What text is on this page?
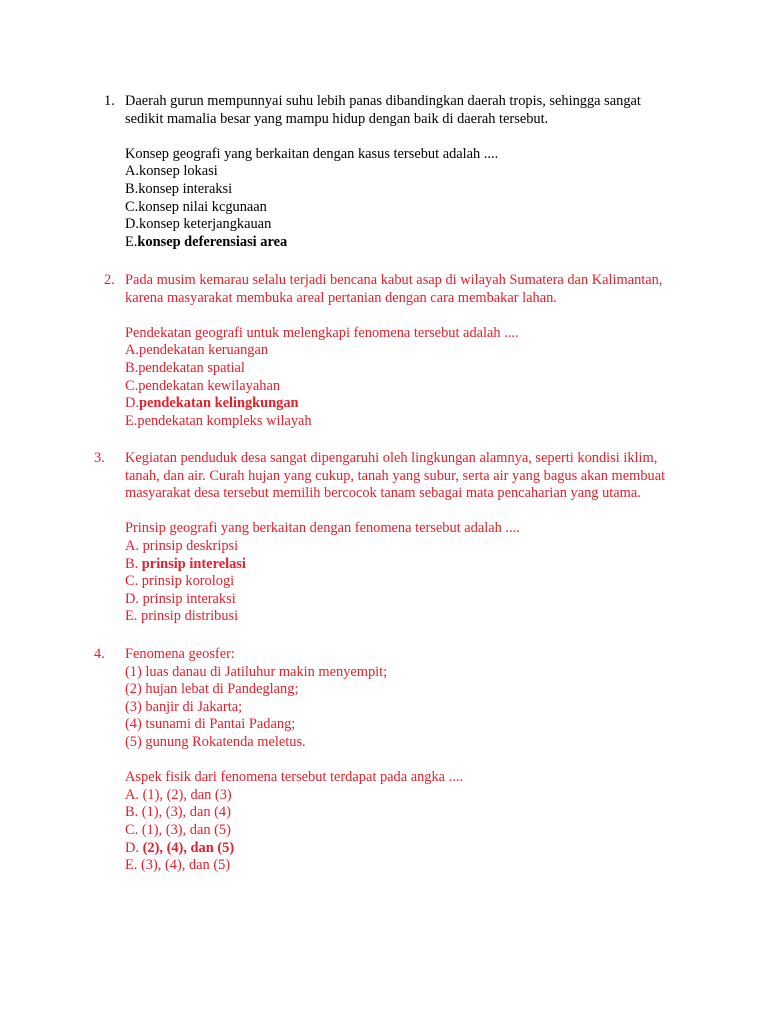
1. Daerah gurun mempunnyai suhu lebih panas dibandingkan daerah tropis, sehingga sangat
sedikit mamalia besar yang mampu hidup dengan baik di daerah tersebut.
Konsep geografi yang berkaitan dengan kasus tersebut adalah ....
A.konsep lokasi
B.konsep interaksi
C.konsep nilai kcgunaan
D.konsep keterjangkauan
E.konsep deferensiasi area
2. Pada musim kemarau selalu terjadi bencana kabut asap di wilayah Sumatera dan Kalimantan,
karena masyarakat membuka areal pertanian dengan cara membakar lahan.
Pendekatan geografi untuk melengkapi fenomena tersebut adalah ....
A.pendekatan keruangan
B.pendekatan spatial
C.pendekatan kewilayahan
D.pendekatan kelingkungan
E.pendekatan kompleks wilayah
3.	Kegiatan penduduk desa sangat dipengaruhi oleh lingkungan alamnya, seperti kondisi iklim,
tanah, dan air. Curah hujan yang cukup, tanah yang subur, serta air yang bagus akan membuat
masyarakat desa tersebut memilih bercocok tanam sebagai mata pencaharian yang utama.
Prinsip geografi yang berkaitan dengan fenomena tersebut adalah ....
A. prinsip deskripsi
B. prinsip interelasi
C. prinsip korologi
D. prinsip interaksi
E. prinsip distribusi
4.	Fenomena geosfer:
(1) luas danau di Jatiluhur makin menyempit;
(2) hujan lebat di Pandeglang;
(3) banjir di Jakarta;
(4) tsunami di Pantai Padang;
(5) gunung Rokatenda meletus.
Aspek fisik dari fenomena tersebut terdapat pada angka ....
A. (1), (2), dan (3)
B. (1), (3), dan (4)
C. (1), (3), dan (5)
D. (2), (4), dan (5)
E. (3), (4), dan (5)
